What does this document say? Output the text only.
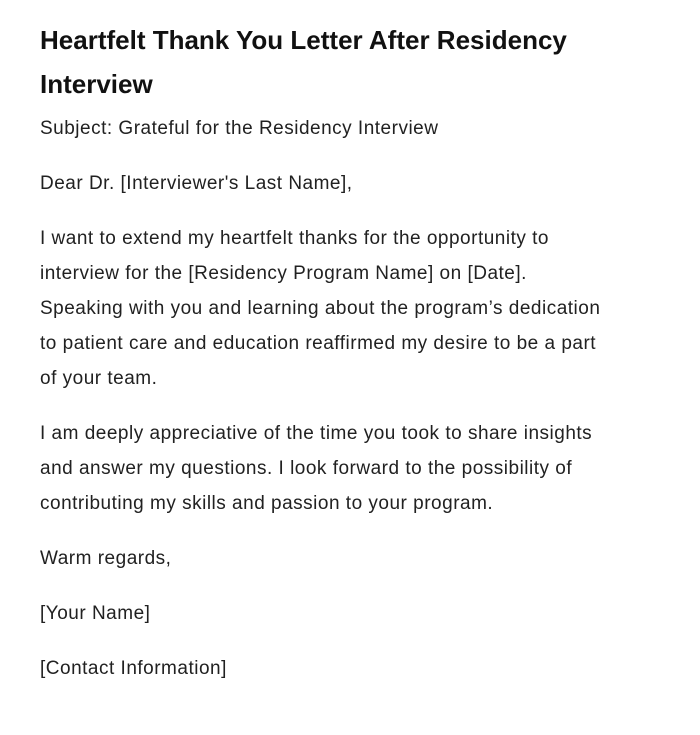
Heartfelt Thank You Letter After Residency Interview

Subject: Grateful for the Residency Interview

Dear Dr. [Interviewer's Last Name],

I want to extend my heartfelt thanks for the opportunity to interview for the [Residency Program Name] on [Date]. Speaking with you and learning about the program’s dedication to patient care and education reaffirmed my desire to be a part of your team.

I am deeply appreciative of the time you took to share insights and answer my questions. I look forward to the possibility of contributing my skills and passion to your program.

Warm regards,

[Your Name]

[Contact Information]
